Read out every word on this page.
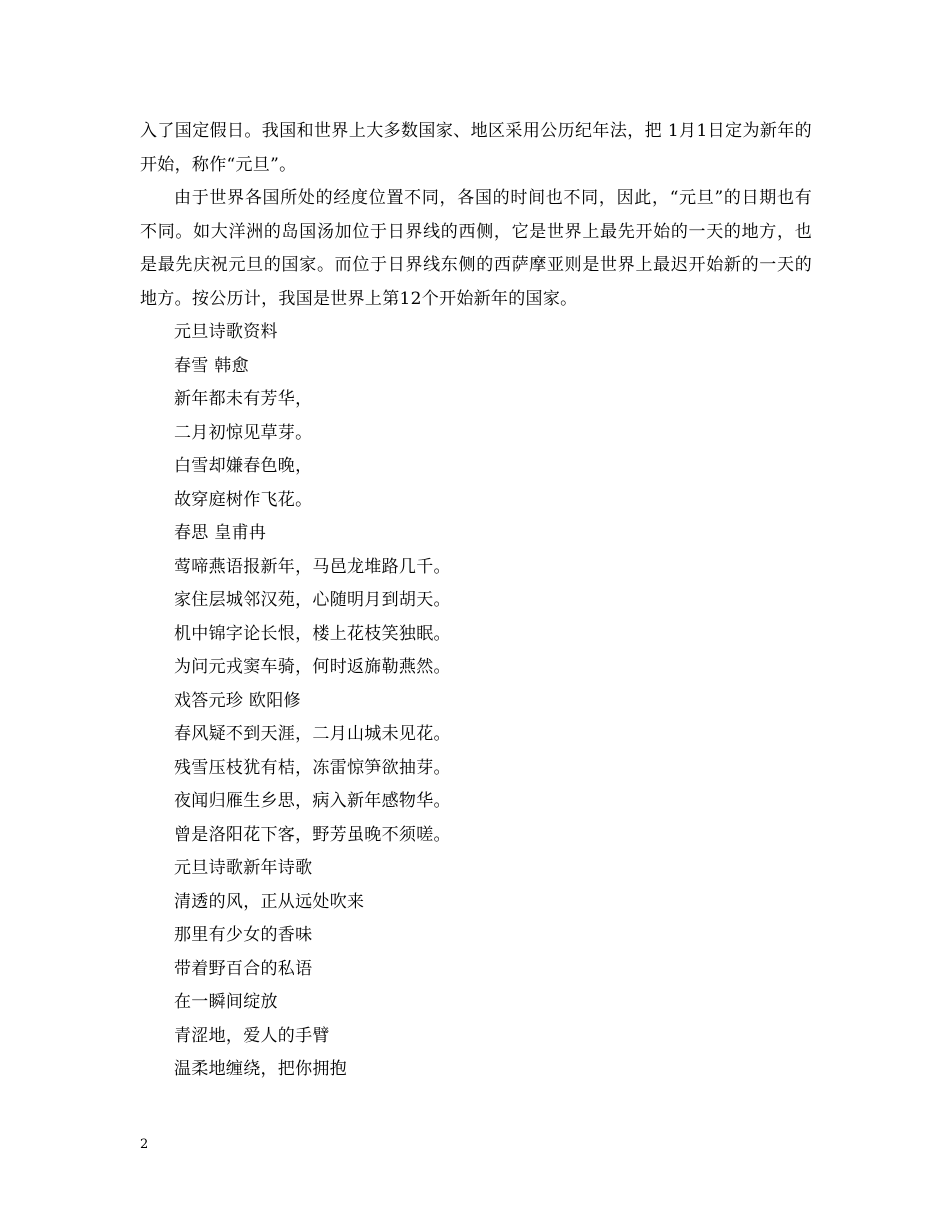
入了国定假日。我国和世界上大多数国家、地区采用公历纪年法，把 1月1日定为新年的开始，称作“元旦”。

由于世界各国所处的经度位置不同，各国的时间也不同，因此，“元旦”的日期也有不同。如大洋洲的岛国汤加位于日界线的西侧，它是世界上最先开始的一天的地方，也是最先庆祝元旦的国家。而位于日界线东侧的西萨摩亚则是世界上最迟开始新的一天的地方。按公历计，我国是世界上第12个开始新年的国家。

元旦诗歌资料

春雪 韩愈

新年都未有芳华，

二月初惊见草芽。

白雪却嫌春色晚，

故穿庭树作飞花。

春思 皇甫冉

莺啼燕语报新年，马邑龙堆路几千。

家住层城邻汉苑，心随明月到胡天。

机中锦字论长恨，楼上花枝笑独眠。

为问元戎窦车骑，何时返旆勒燕然。

戏答元珍 欧阳修

春风疑不到天涯，二月山城未见花。

残雪压枝犹有桔，冻雷惊笋欲抽芽。

夜闻归雁生乡思，病入新年感物华。

曾是洛阳花下客，野芳虽晚不须嗟。

元旦诗歌新年诗歌

清透的风，正从远处吹来

那里有少女的香味

带着野百合的私语

在一瞬间绽放

青涩地，爱人的手臂

温柔地缠绕，把你拥抱

2
